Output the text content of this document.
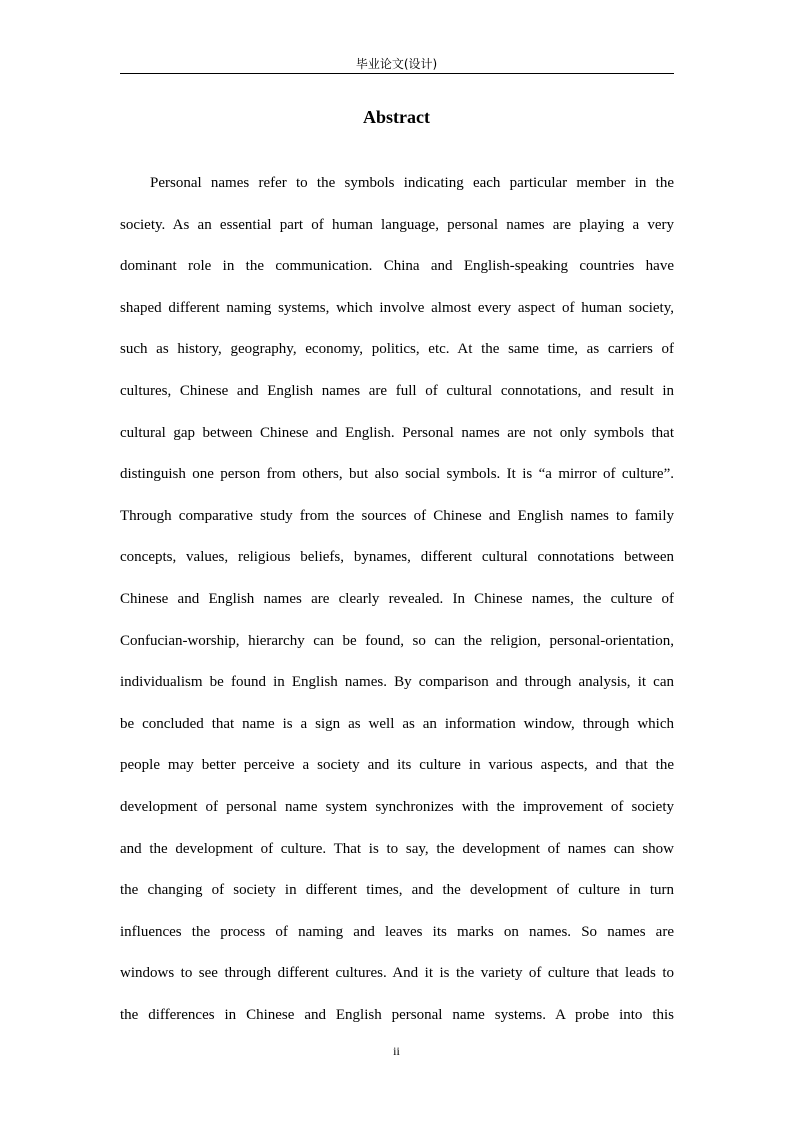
毕业论文(设计)
Abstract
Personal names refer to the symbols indicating each particular member in the
society. As an essential part of human language, personal names are playing a very
dominant role in the communication. China and English-speaking countries have
shaped different naming systems, which involve almost every aspect of human society,
such as history, geography, economy, politics, etc. At the same time, as carriers of
cultures, Chinese and English names are full of cultural connotations, and result in
cultural gap between Chinese and English. Personal names are not only symbols that
distinguish one person from others, but also social symbols. It is “a mirror of culture”.
Through comparative study from the sources of Chinese and English names to family
concepts, values, religious beliefs, bynames, different cultural connotations between
Chinese and English names are clearly revealed. In Chinese names, the culture of
Confucian-worship, hierarchy can be found, so can the religion, personal-orientation,
individualism be found in English names. By comparison and through analysis, it can
be concluded that name is a sign as well as an information window, through which
people may better perceive a society and its culture in various aspects, and that the
development of personal name system synchronizes with the improvement of society
and the development of culture. That is to say, the development of names can show
the changing of society in different times, and the development of culture in turn
influences the process of naming and leaves its marks on names. So names are
windows to see through different cultures. And it is the variety of culture that leads to
the differences in Chinese and English personal name systems. A probe into this
ii
